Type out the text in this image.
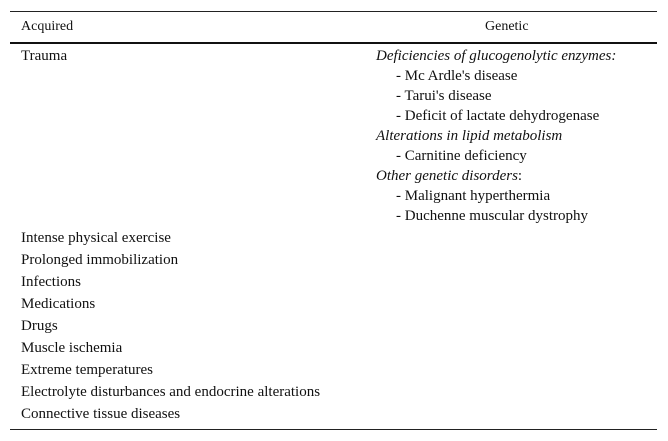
Acquired	Genetic
Trauma
Intense physical exercise
Prolonged immobilization
Infections
Medications
Drugs
Muscle ischemia
Extreme temperatures
Electrolyte disturbances and endocrine alterations
Connective tissue diseases
Deficiencies of glucogenolytic enzymes:
- Mc Ardle's disease
- Tarui's disease
- Deficit of lactate dehydrogenase
Alterations in lipid metabolism
- Carnitine deficiency
Other genetic disorders:
- Malignant hyperthermia
- Duchenne muscular dystrophy
